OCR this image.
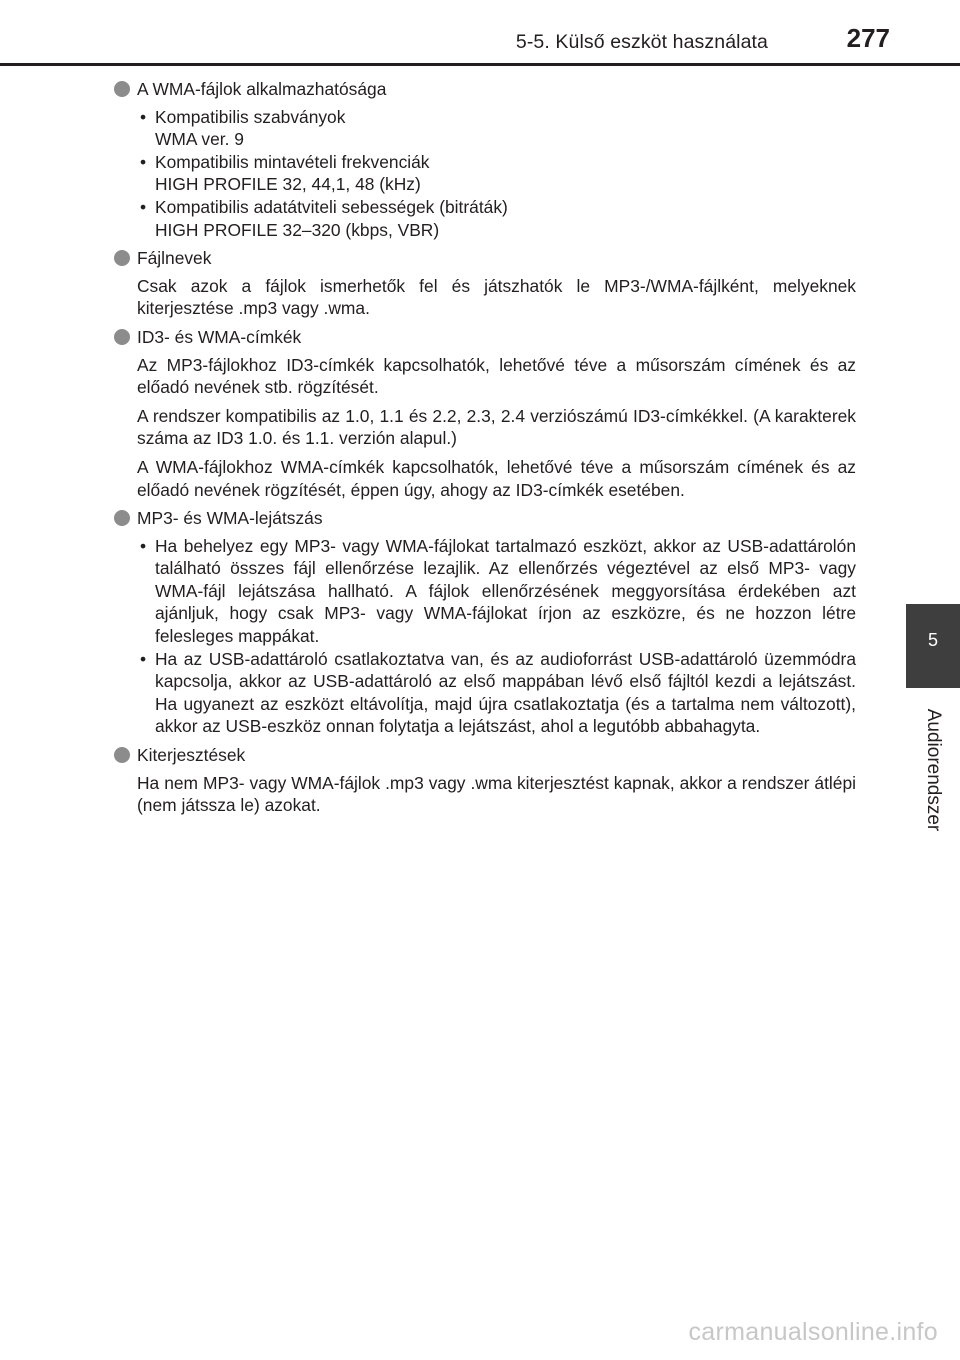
5-5. Külső eszköt használata	277
5
Audiorendszer
A WMA-fájlok alkalmazhatósága
• Kompatibilis szabványok
WMA ver. 9
• Kompatibilis mintavételi frekvenciák
HIGH PROFILE 32, 44,1, 48 (kHz)
• Kompatibilis adatátviteli sebességek (bitráták)
HIGH PROFILE 32–320 (kbps, VBR)
Fájlnevek
Csak azok a fájlok ismerhetők fel és játszhatók le MP3-/WMA-fájlként, melyeknek kiterjesztése .mp3 vagy .wma.
ID3- és WMA-címkék
Az MP3-fájlokhoz ID3-címkék kapcsolhatók, lehetővé téve a műsorszám címének és az előadó nevének stb. rögzítését.
A rendszer kompatibilis az 1.0, 1.1 és 2.2, 2.3, 2.4 verziószámú ID3-címkékkel. (A karakterek száma az ID3 1.0. és 1.1. verzión alapul.)
A WMA-fájlokhoz WMA-címkék kapcsolhatók, lehetővé téve a műsorszám címének és az előadó nevének rögzítését, éppen úgy, ahogy az ID3-címkék esetében.
MP3- és WMA-lejátszás
• Ha behelyez egy MP3- vagy WMA-fájlokat tartalmazó eszközt, akkor az USB-adattárolón található összes fájl ellenőrzése lezajlik. Az ellenőrzés végeztével az első MP3- vagy WMA-fájl lejátszása hallható. A fájlok ellenőrzésének meggyorsítása érdekében azt ajánljuk, hogy csak MP3- vagy WMA-fájlokat írjon az eszközre, és ne hozzon létre felesleges mappákat.
• Ha az USB-adattároló csatlakoztatva van, és az audioforrást USB-adattároló üzemmódra kapcsolja, akkor az USB-adattároló az első mappában lévő első fájltól kezdi a lejátszást. Ha ugyanezt az eszközt eltávolítja, majd újra csatlakoztatja (és a tartalma nem változott), akkor az USB-eszköz onnan folytatja a lejátszást, ahol a legutóbb abbahagyta.
Kiterjesztések
Ha nem MP3- vagy WMA-fájlok .mp3 vagy .wma kiterjesztést kapnak, akkor a rendszer átlépi (nem játssza le) azokat.
carmanualsonline.info
